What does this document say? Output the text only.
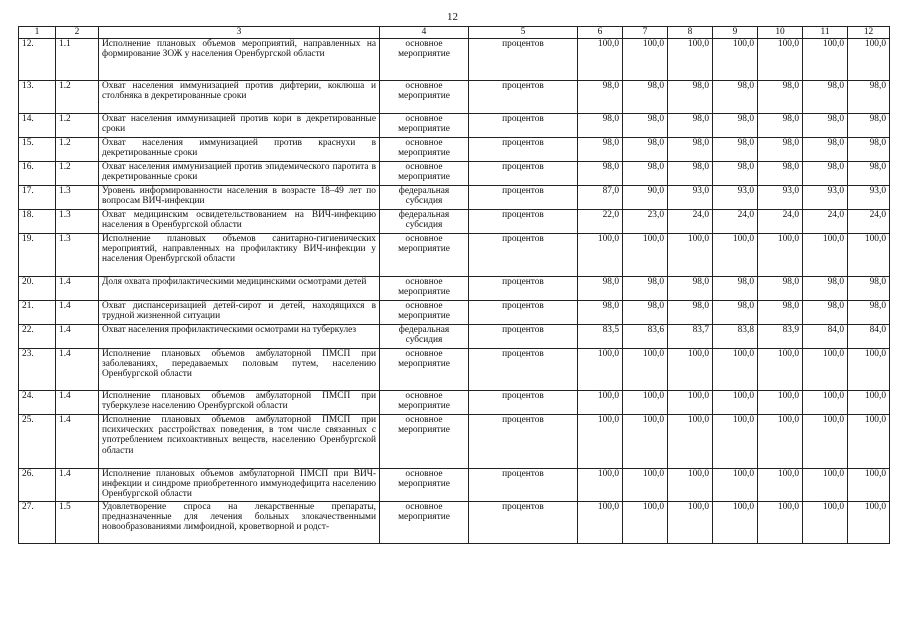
12
1	2	3	4	5	6	7	8	9	10	11	12
12.	1.1	Исполнение плановых объемов мероприятий, направленных на формирование ЗОЖ у населения Оренбургской области	основное мероприятие	процентов	100,0	100,0	100,0	100,0	100,0	100,0	100,0
13.	1.2	Охват населения иммунизацией против дифтерии, коклюша и столбняка в декретированные сроки	основное мероприятие	процентов	98,0	98,0	98,0	98,0	98,0	98,0	98,0
14.	1.2	Охват населения иммунизацией против кори в декретированные сроки	основное мероприятие	процентов	98,0	98,0	98,0	98,0	98,0	98,0	98,0
15.	1.2	Охват населения иммунизацией против краснухи в декретированные сроки	основное мероприятие	процентов	98,0	98,0	98,0	98,0	98,0	98,0	98,0
16.	1.2	Охват населения иммунизацией против эпидемического паротита в декретированные сроки	основное мероприятие	процентов	98,0	98,0	98,0	98,0	98,0	98,0	98,0
17.	1.3	Уровень информированности населения в возрасте 18–49 лет по вопросам ВИЧ-инфекции	федеральная субсидия	процентов	87,0	90,0	93,0	93,0	93,0	93,0	93,0
18.	1.3	Охват медицинским освидетельствованием на ВИЧ-инфекцию населения в Оренбургской области	федеральная субсидия	процентов	22,0	23,0	24,0	24,0	24,0	24,0	24,0
19.	1.3	Исполнение плановых объемов санитарно-гигиенических мероприятий, направленных на профилактику ВИЧ-инфекции у населения Оренбургской области	основное мероприятие	процентов	100,0	100,0	100,0	100,0	100,0	100,0	100,0
20.	1.4	Доля охвата профилактическими медицинскими осмотрами детей	основное мероприятие	процентов	98,0	98,0	98,0	98,0	98,0	98,0	98,0
21.	1.4	Охват диспансеризацией детей-сирот и детей, находящихся в трудной жизненной ситуации	основное мероприятие	процентов	98,0	98,0	98,0	98,0	98,0	98,0	98,0
22.	1.4	Охват населения профилактическими осмотрами на туберкулез	федеральная субсидия	процентов	83,5	83,6	83,7	83,8	83,9	84,0	84,0
23.	1.4	Исполнение плановых объемов амбулаторной ПМСП при заболеваниях, передаваемых половым путем, населению Оренбургской области	основное мероприятие	процентов	100,0	100,0	100,0	100,0	100,0	100,0	100,0
24.	1.4	Исполнение плановых объемов амбулаторной ПМСП при туберкулезе населению Оренбургской области	основное мероприятие	процентов	100,0	100,0	100,0	100,0	100,0	100,0	100,0
25.	1.4	Исполнение плановых объемов амбулаторной ПМСП при психических расстройствах поведения, в том числе связанных с употреблением психоактивных веществ, населению Оренбургской области	основное мероприятие	процентов	100,0	100,0	100,0	100,0	100,0	100,0	100,0
26.	1.4	Исполнение плановых объемов амбулаторной ПМСП при ВИЧ-инфекции и синдроме приобретенного иммунодефицита населению Оренбургской области	основное мероприятие	процентов	100,0	100,0	100,0	100,0	100,0	100,0	100,0
27.	1.5	Удовлетворение спроса на лекарственные препараты, предназначенные для лечения больных злокачественными новообразованиями лимфоидной, кроветворной и родст-	основное мероприятие	процентов	100,0	100,0	100,0	100,0	100,0	100,0	100,0
